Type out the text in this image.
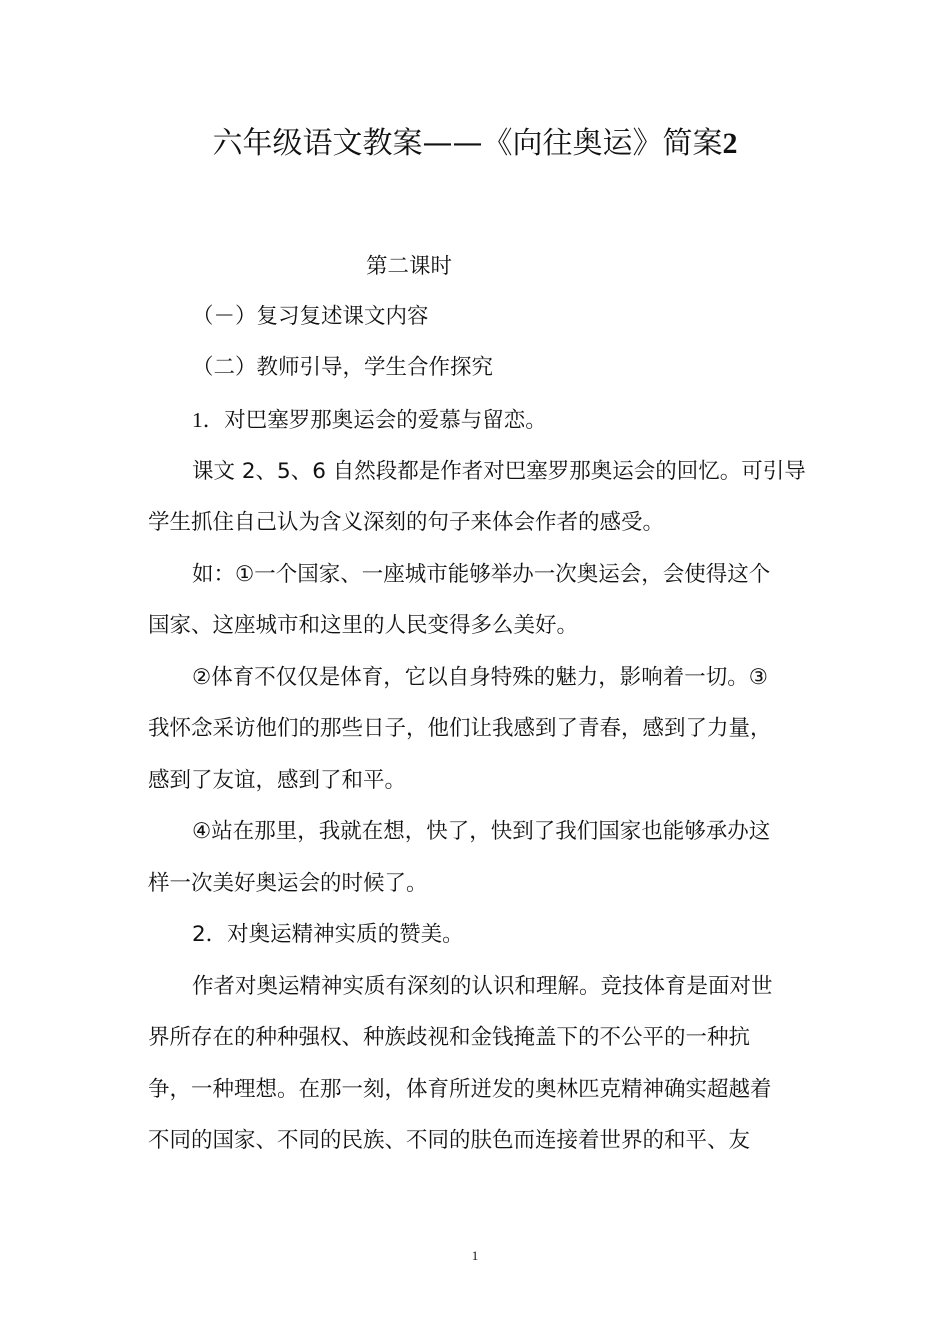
六年级语文教案——《向往奥运》简案2

第二课时

（－）复习复述课文内容

（二）教师引导，学生合作探究

1．对巴塞罗那奥运会的爱慕与留恋。

课文 2、5、6 自然段都是作者对巴塞罗那奥运会的回忆。可引导

学生抓住自己认为含义深刻的句子来体会作者的感受。

如：①一个国家、一座城市能够举办一次奥运会，会使得这个

国家、这座城市和这里的人民变得多么美好。

②体育不仅仅是体育，它以自身特殊的魅力，影响着一切。③

我怀念采访他们的那些日子，他们让我感到了青春，感到了力量，

感到了友谊，感到了和平。

④站在那里，我就在想，快了，快到了我们国家也能够承办这

样一次美好奥运会的时候了。

2．对奥运精神实质的赞美。

作者对奥运精神实质有深刻的认识和理解。竞技体育是面对世

界所存在的种种强权、种族歧视和金钱掩盖下的不公平的一种抗

争，一种理想。在那一刻，体育所迸发的奥林匹克精神确实超越着

不同的国家、不同的民族、不同的肤色而连接着世界的和平、友

1
